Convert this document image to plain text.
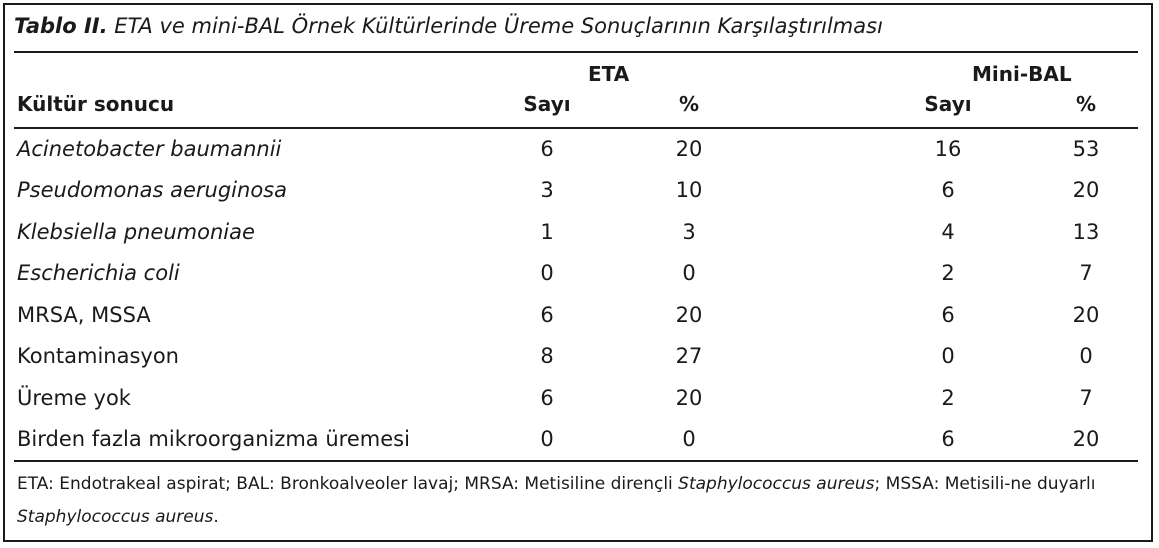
Tablo II. ETA ve mini-BAL Örnek Kültürlerinde Üreme Sonuçlarının Karşılaştırılması
ETA	Mini-BAL
Kültür sonucu	Sayı	%	Sayı	%
Acinetobacter baumannii	6	20	16	53
Pseudomonas aeruginosa	3	10	6	20
Klebsiella pneumoniae	1	3	4	13
Escherichia coli	0	0	2	7
MRSA, MSSA	6	20	6	20
Kontaminasyon	8	27	0	0
Üreme yok	6	20	2	7
Birden fazla mikroorganizma üremesi	0	0	6	20
ETA: Endotrakeal aspirat; BAL: Bronkoalveoler lavaj; MRSA: Metisiline dirençli Staphylococcus aureus; MSSA: Metisili-ne duyarlı Staphylococcus aureus.
